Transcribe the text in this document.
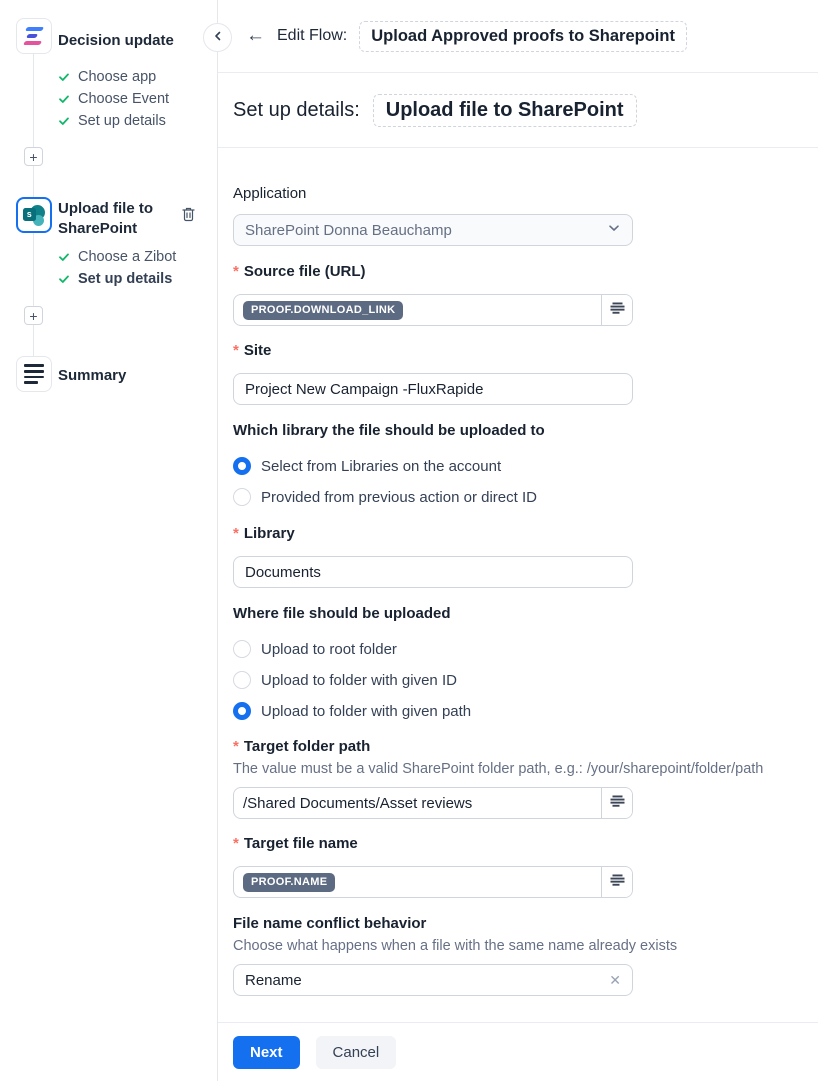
Decision update
Choose app
Choose Event
Set up details
+
s Upload file to SharePoint
Choose a Zibot
Set up details
+
Summary
← Edit Flow:	Upload Approved proofs to Sharepoint
Set up details:	Upload file to SharePoint
Application
SharePoint Donna Beauchamp
* Source file (URL)
PROOF.DOWNLOAD_LINK
* Site
Project New Campaign -FluxRapide
Which library the file should be uploaded to
Select from Libraries on the account
Provided from previous action or direct ID
* Library
Documents
Where file should be uploaded
Upload to root folder
Upload to folder with given ID
Upload to folder with given path
* Target folder path
The value must be a valid SharePoint folder path, e.g.: /your/sharepoint/folder/path
/Shared Documents/Asset reviews
* Target file name
PROOF.NAME
File name conflict behavior
Choose what happens when a file with the same name already exists
Rename	✕
Next	Cancel
